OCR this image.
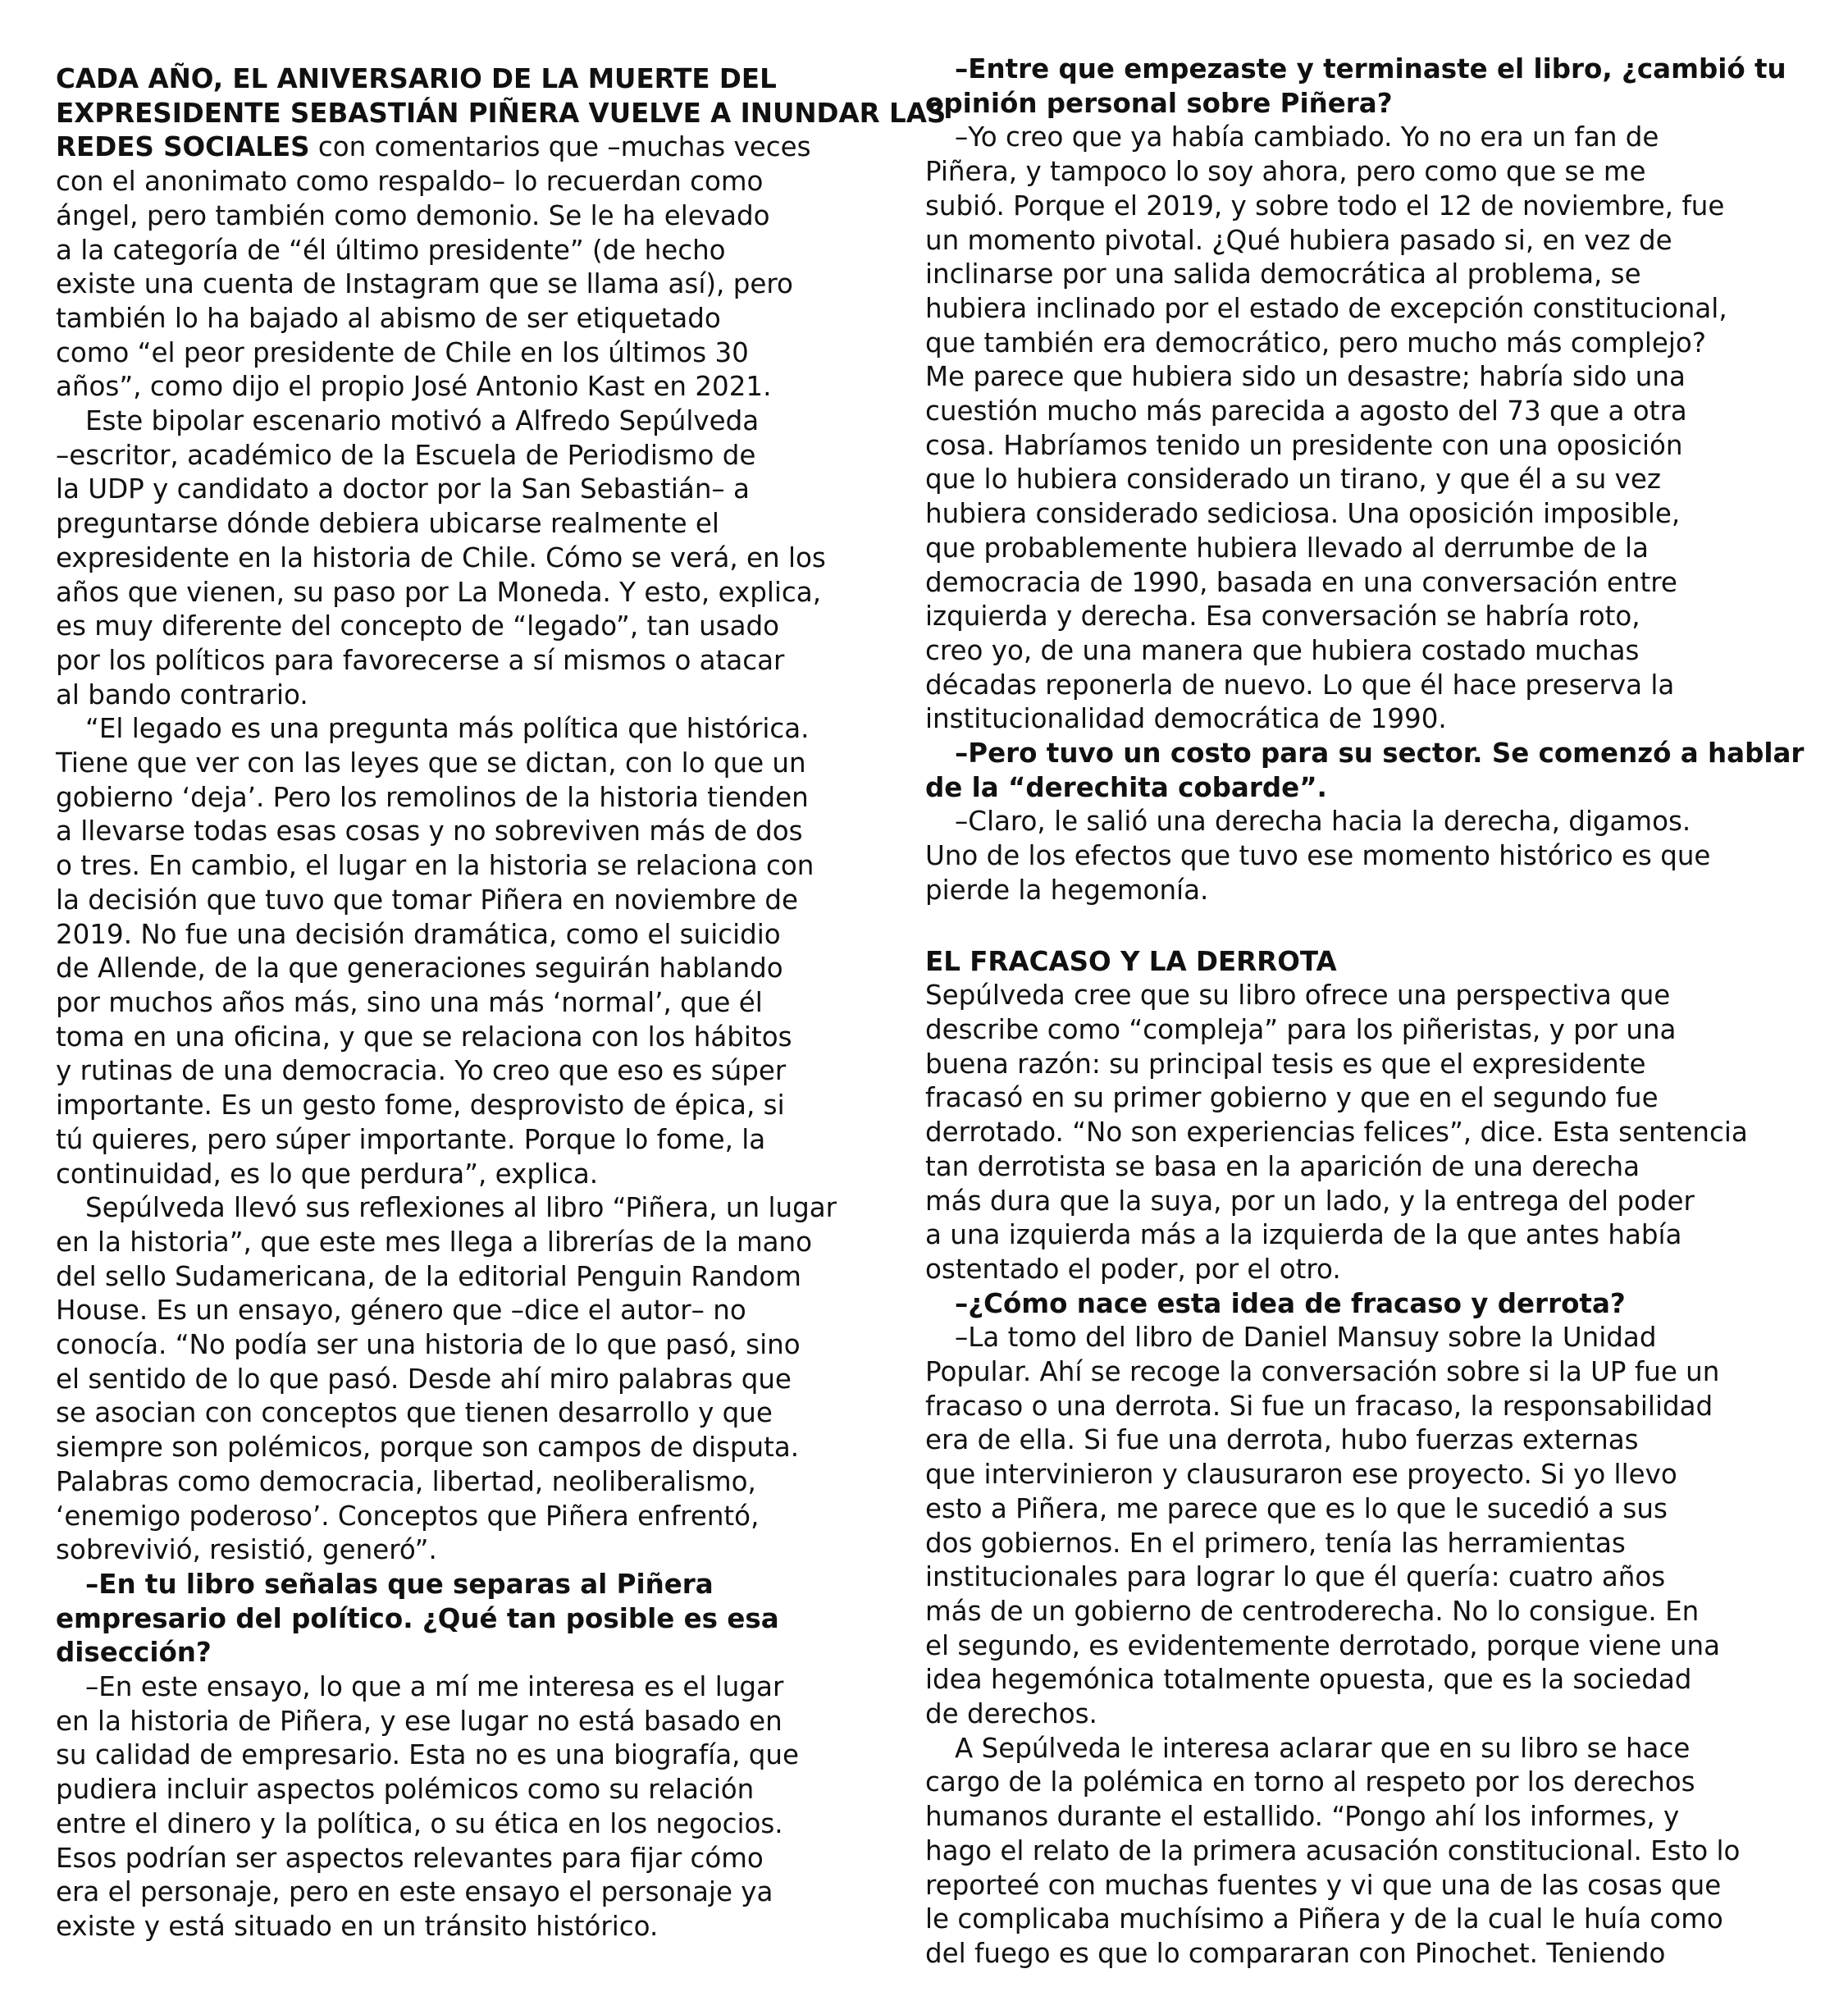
CADA AÑO, EL ANIVERSARIO DE LA MUERTE DEL
EXPRESIDENTE SEBASTIÁN PIÑERA VUELVE A INUNDAR LAS
REDES SOCIALES con comentarios que –muchas veces
con el anonimato como respaldo– lo recuerdan como
ángel, pero también como demonio. Se le ha elevado
a la categoría de “él último presidente” (de hecho
existe una cuenta de Instagram que se llama así), pero
también lo ha bajado al abismo de ser etiquetado
como “el peor presidente de Chile en los últimos 30
años”, como dijo el propio José Antonio Kast en 2021.

Este bipolar escenario motivó a Alfredo Sepúlveda
–escritor, académico de la Escuela de Periodismo de
la UDP y candidato a doctor por la San Sebastián– a
preguntarse dónde debiera ubicarse realmente el
expresidente en la historia de Chile. Cómo se verá, en los
años que vienen, su paso por La Moneda. Y esto, explica,
es muy diferente del concepto de “legado”, tan usado
por los políticos para favorecerse a sí mismos o atacar
al bando contrario.

“El legado es una pregunta más política que histórica.
Tiene que ver con las leyes que se dictan, con lo que un
gobierno ‘deja’. Pero los remolinos de la historia tienden
a llevarse todas esas cosas y no sobreviven más de dos
o tres. En cambio, el lugar en la historia se relaciona con
la decisión que tuvo que tomar Piñera en noviembre de
2019. No fue una decisión dramática, como el suicidio
de Allende, de la que generaciones seguirán hablando
por muchos años más, sino una más ‘normal’, que él
toma en una oficina, y que se relaciona con los hábitos
y rutinas de una democracia. Yo creo que eso es súper
importante. Es un gesto fome, desprovisto de épica, si
tú quieres, pero súper importante. Porque lo fome, la
continuidad, es lo que perdura”, explica.

Sepúlveda llevó sus reflexiones al libro “Piñera, un lugar
en la historia”, que este mes llega a librerías de la mano
del sello Sudamericana, de la editorial Penguin Random
House. Es un ensayo, género que –dice el autor– no
conocía. “No podía ser una historia de lo que pasó, sino
el sentido de lo que pasó. Desde ahí miro palabras que
se asocian con conceptos que tienen desarrollo y que
siempre son polémicos, porque son campos de disputa.
Palabras como democracia, libertad, neoliberalismo,
‘enemigo poderoso’. Conceptos que Piñera enfrentó,
sobrevivió, resistió, generó”.

–En tu libro señalas que separas al Piñera
empresario del político. ¿Qué tan posible es esa
disección?

–En este ensayo, lo que a mí me interesa es el lugar
en la historia de Piñera, y ese lugar no está basado en
su calidad de empresario. Esta no es una biografía, que
pudiera incluir aspectos polémicos como su relación
entre el dinero y la política, o su ética en los negocios.
Esos podrían ser aspectos relevantes para fijar cómo
era el personaje, pero en este ensayo el personaje ya
existe y está situado en un tránsito histórico.

–Entre que empezaste y terminaste el libro, ¿cambió tu
opinión personal sobre Piñera?

–Yo creo que ya había cambiado. Yo no era un fan de
Piñera, y tampoco lo soy ahora, pero como que se me
subió. Porque el 2019, y sobre todo el 12 de noviembre, fue
un momento pivotal. ¿Qué hubiera pasado si, en vez de
inclinarse por una salida democrática al problema, se
hubiera inclinado por el estado de excepción constitucional,
que también era democrático, pero mucho más complejo?
Me parece que hubiera sido un desastre; habría sido una
cuestión mucho más parecida a agosto del 73 que a otra
cosa. Habríamos tenido un presidente con una oposición
que lo hubiera considerado un tirano, y que él a su vez
hubiera considerado sediciosa. Una oposición imposible,
que probablemente hubiera llevado al derrumbe de la
democracia de 1990, basada en una conversación entre
izquierda y derecha. Esa conversación se habría roto,
creo yo, de una manera que hubiera costado muchas
décadas reponerla de nuevo. Lo que él hace preserva la
institucionalidad democrática de 1990.

–Pero tuvo un costo para su sector. Se comenzó a hablar
de la “derechita cobarde”.

–Claro, le salió una derecha hacia la derecha, digamos.
Uno de los efectos que tuvo ese momento histórico es que
pierde la hegemonía.

EL FRACASO Y LA DERROTA

Sepúlveda cree que su libro ofrece una perspectiva que
describe como “compleja” para los piñeristas, y por una
buena razón: su principal tesis es que el expresidente
fracasó en su primer gobierno y que en el segundo fue
derrotado. “No son experiencias felices”, dice. Esta sentencia
tan derrotista se basa en la aparición de una derecha
más dura que la suya, por un lado, y la entrega del poder
a una izquierda más a la izquierda de la que antes había
ostentado el poder, por el otro.

–¿Cómo nace esta idea de fracaso y derrota?

–La tomo del libro de Daniel Mansuy sobre la Unidad
Popular. Ahí se recoge la conversación sobre si la UP fue un
fracaso o una derrota. Si fue un fracaso, la responsabilidad
era de ella. Si fue una derrota, hubo fuerzas externas
que intervinieron y clausuraron ese proyecto. Si yo llevo
esto a Piñera, me parece que es lo que le sucedió a sus
dos gobiernos. En el primero, tenía las herramientas
institucionales para lograr lo que él quería: cuatro años
más de un gobierno de centroderecha. No lo consigue. En
el segundo, es evidentemente derrotado, porque viene una
idea hegemónica totalmente opuesta, que es la sociedad
de derechos.

A Sepúlveda le interesa aclarar que en su libro se hace
cargo de la polémica en torno al respeto por los derechos
humanos durante el estallido. “Pongo ahí los informes, y
hago el relato de la primera acusación constitucional. Esto lo
reporteé con muchas fuentes y vi que una de las cosas que
le complicaba muchísimo a Piñera y de la cual le huía como
del fuego es que lo compararan con Pinochet. Teniendo
